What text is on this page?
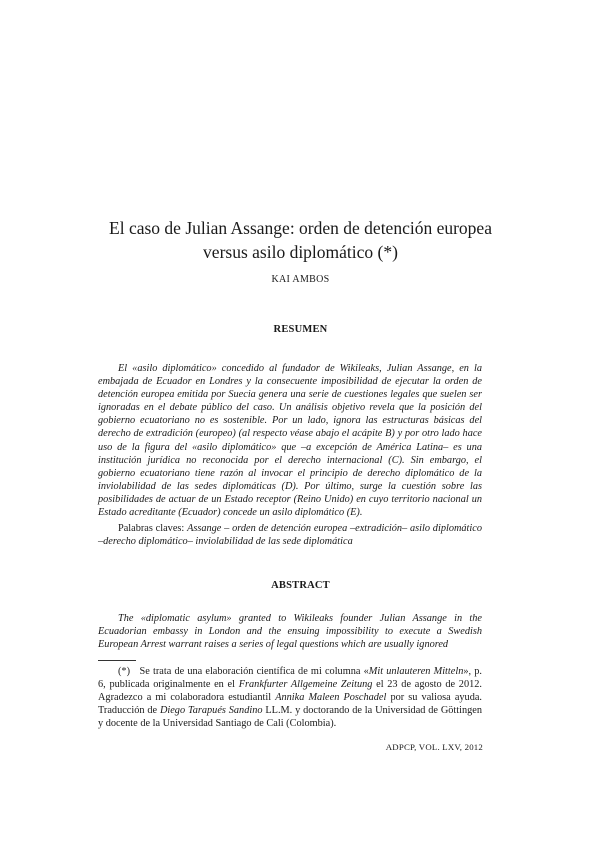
El caso de Julian Assange: orden de detención europea
versus asilo diplomático (*)
KAI AMBOS
RESUMEN

El «asilo diplomático» concedido al fundador de Wikileaks, Julian Assange, en la embajada de Ecuador en Londres y la consecuente imposibilidad de ejecutar la orden de detención europea emitida por Suecia genera una serie de cuestiones legales que suelen ser ignoradas en el debate público del caso. Un análisis objetivo revela que la posición del gobierno ecuatoriano no es sostenible. Por un lado, ignora las estructuras básicas del derecho de extradición (europeo) (al respecto véase abajo el acápite B) y por otro lado hace uso de la figura del «asilo diplomático» que –a excepción de América Latina– es una institución jurídica no reconocida por el derecho internacional (C). Sin embargo, el gobierno ecuatoriano tiene razón al invocar el principio de derecho diplomático de la inviolabilidad de las sedes diplomáticas (D). Por último, surge la cuestión sobre las posibilidades de actuar de un Estado receptor (Reino Unido) en cuyo territorio nacional un Estado acreditante (Ecuador) concede un asilo diplomático (E).

Palabras claves: Assange – orden de detención europea –extradición– asilo diplomático –derecho diplomático– inviolabilidad de las sede diplomática

ABSTRACT

The «diplomatic asylum» granted to Wikileaks founder Julian Assange in the Ecuadorian embassy in London and the ensuing impossibility to execute a Swedish European Arrest warrant raises a series of legal questions which are usually ignored

(*) Se trata de una elaboración científica de mi columna «Mit unlauteren Mitteln», p. 6, publicada originalmente en el Frankfurter Allgemeine Zeitung el 23 de agosto de 2012. Agradezco a mi colaboradora estudiantil Annika Maleen Poschadel por su valiosa ayuda. Traducción de Diego Tarapués Sandino LL.M. y doctorando de la Universidad de Göttingen y docente de la Universidad Santiago de Cali (Colombia).

ADPCP, VOL. LXV, 2012
